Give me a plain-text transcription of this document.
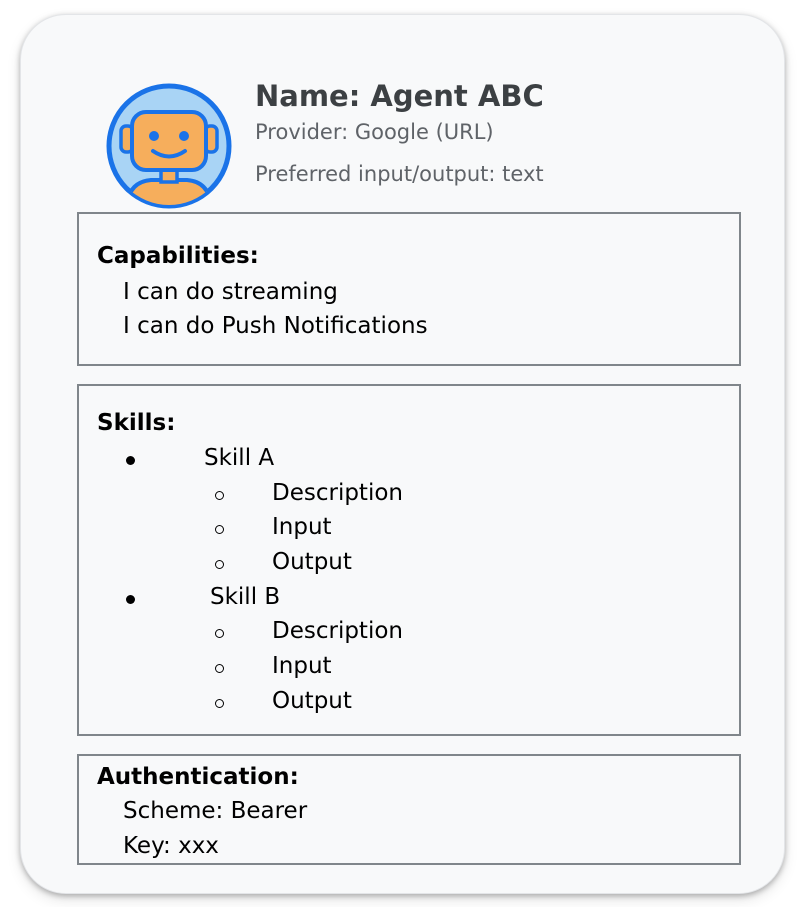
Name: Agent ABC
Provider: Google (URL)
Preferred input/output: text
Capabilities:
I can do streaming
I can do Push Notifications
Skills:
Skill A
Description
Input
Output
Skill B
Description
Input
Output
Authentication:
Scheme: Bearer
Key: xxx
